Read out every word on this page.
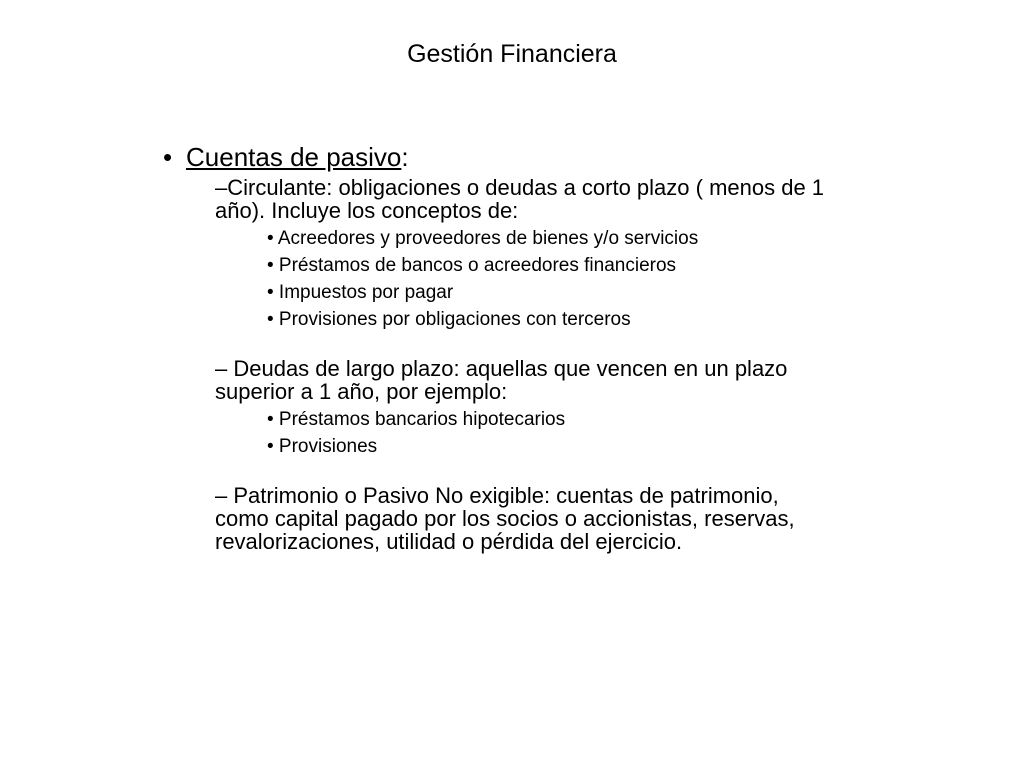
Gestión Financiera
• Cuentas de pasivo:
–Circulante: obligaciones o deudas a corto plazo ( menos de 1 año). Incluye los conceptos de:
• Acreedores y proveedores de bienes y/o servicios
• Préstamos de bancos o acreedores financieros
• Impuestos por pagar
• Provisiones por obligaciones con terceros
– Deudas de largo plazo: aquellas que vencen en un plazo superior a 1 año, por ejemplo:
• Préstamos bancarios hipotecarios
• Provisiones
– Patrimonio o Pasivo No exigible: cuentas de patrimonio, como capital pagado por los socios o accionistas, reservas, revalorizaciones, utilidad o pérdida del ejercicio.
